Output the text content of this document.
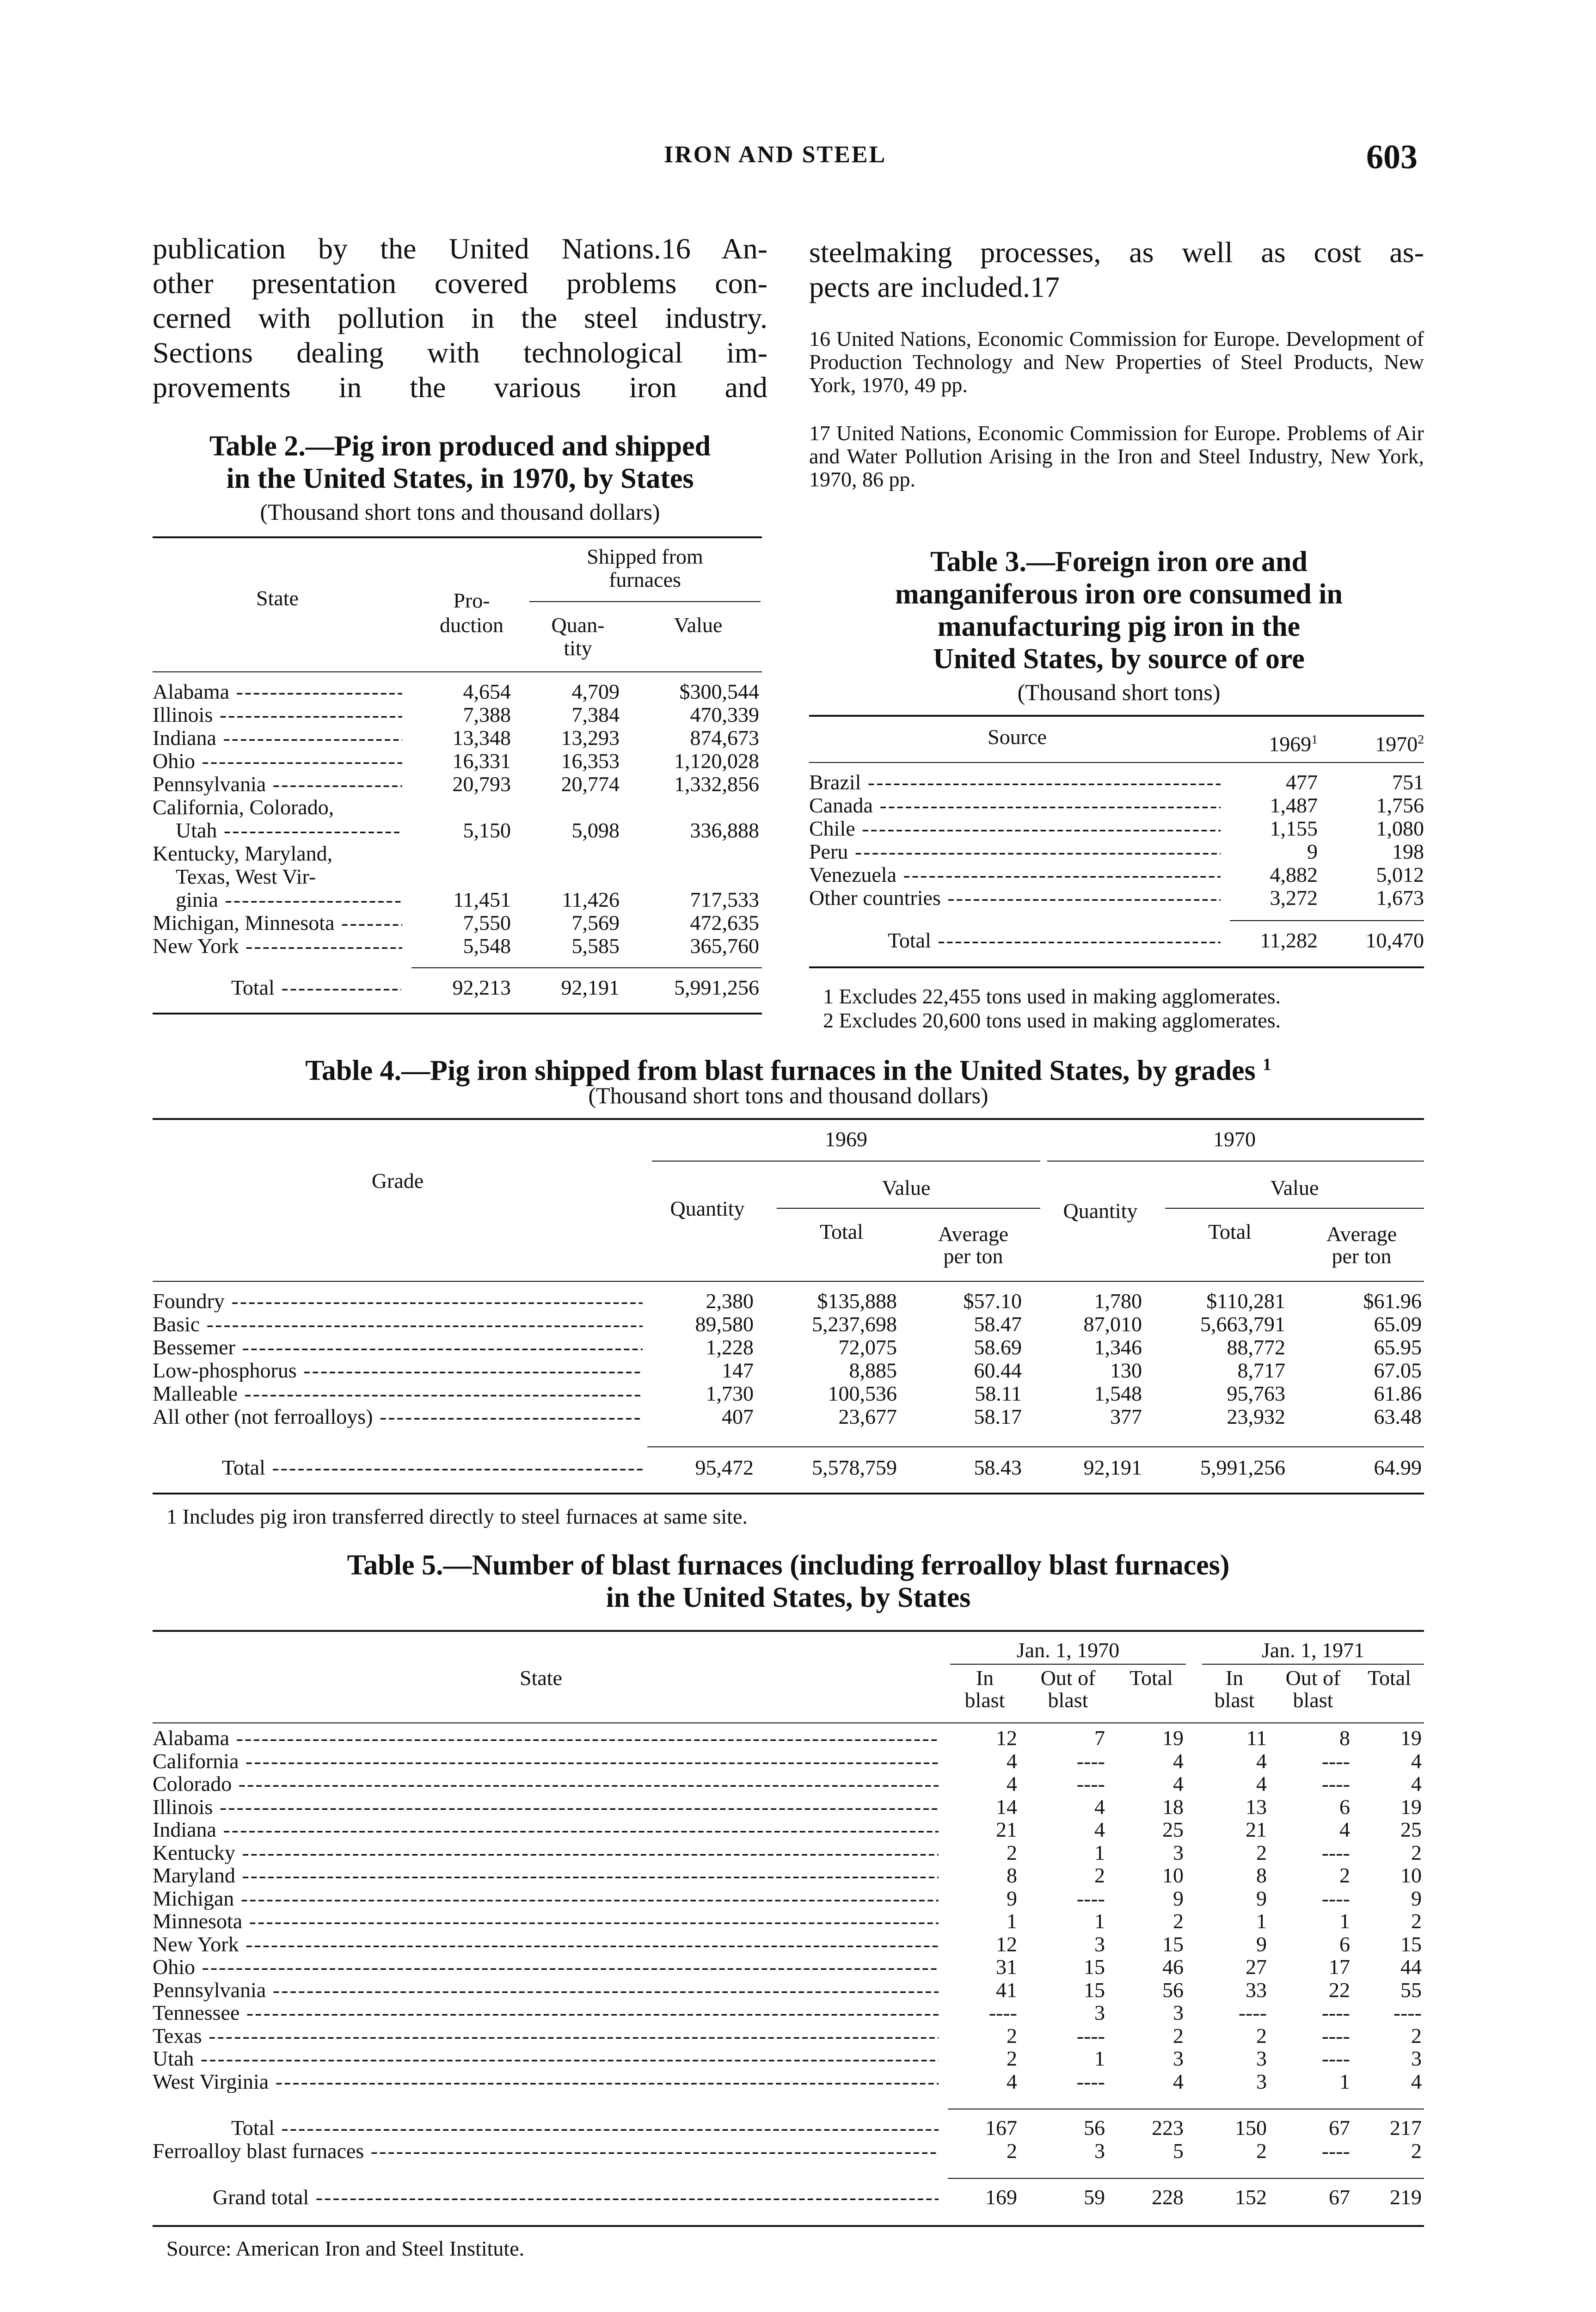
IRON AND STEEL	603
publication by the United Nations.16 An-
other presentation covered problems con-
cerned with pollution in the steel industry.
Sections dealing with technological im-
provements in the various iron and
steelmaking processes, as well as cost as-
pects are included.17
16 United Nations, Economic Commission for Europe. Development of Production Technology and New Properties of Steel Products, New York, 1970, 49 pp.
17 United Nations, Economic Commission for Europe. Problems of Air and Water Pollution Arising in the Iron and Steel Industry, New York, 1970, 86 pp.
Table 2.—Pig iron produced and shipped
in the United States, in 1970, by States
(Thousand short tons and thousand dollars)
State	Pro-
duction
Shipped from
furnaces
Quan-
tity
Value
Alabama -----	4,654	4,709	$300,544
Illinois -----	7,388	7,384	470,339
Indiana -----	13,348	13,293	874,673
Ohio -----	16,331	16,353	1,120,028
Pennsylvania -----	20,793	20,774	1,332,856
California, Colorado,
Utah -----	5,150	5,098	336,888
Kentucky, Maryland,
Texas, West Vir-
ginia -----	11,451	11,426	717,533
Michigan, Minnesota -----	7,550	7,569	472,635
New York -----	5,548	5,585	365,760
Total -----	92,213	92,191	5,991,256
Table 3.—Foreign iron ore and
manganiferous iron ore consumed in
manufacturing pig iron in the
United States, by source of ore
(Thousand short tons)
Source	1969$^1$	1970$^2$
Brazil -----	477	751
Canada -----	1,487	1,756
Chile -----	1,155	1,080
Peru -----	9	198
Venezuela -----	4,882	5,012
Other countries -----	3,272	1,673
Total -----	11,282	10,470
1 Excludes 22,455 tons used in making agglomerates.
2 Excludes 20,600 tons used in making agglomerates.
Table 4.—Pig iron shipped from blast furnaces in the United States, by grades $^1$
(Thousand short tons and thousand dollars)
Grade
1969	1970
Quantity
Value
Total	Average
per ton
Quantity
Value
Total	Average
per ton
Foundry -----	2,380	$135,888	$57.10	1,780	$110,281	$61.96
Basic -----	89,580	5,237,698	58.47	87,010	5,663,791	65.09
Bessemer -----	1,228	72,075	58.69	1,346	88,772	65.95
Low-phosphorus -----	147	8,885	60.44	130	8,717	67.05
Malleable -----	1,730	100,536	58.11	1,548	95,763	61.86
All other (not ferroalloys) -----	407	23,677	58.17	377	23,932	63.48
Total -----	95,472	5,578,759	58.43	92,191	5,991,256	64.99
1 Includes pig iron transferred directly to steel furnaces at same site.
Table 5.—Number of blast furnaces (including ferroalloy blast furnaces)
in the United States, by States
State
Jan. 1, 1970	Jan. 1, 1971
In
blast
Out of
blast
Total	In
blast
Out of
blast
Total
Alabama -----	12	7	19	11	8	19
California -----	4	----	4	4	----	4
Colorado -----	4	----	4	4	----	4
Illinois -----	14	4	18	13	6	19
Indiana -----	21	4	25	21	4	25
Kentucky -----	2	1	3	2	----	2
Maryland -----	8	2	10	8	2	10
Michigan -----	9	----	9	9	----	9
Minnesota -----	1	1	2	1	1	2
New York -----	12	3	15	9	6	15
Ohio -----	31	15	46	27	17	44
Pennsylvania -----	41	15	56	33	22	55
Tennessee -----	----	3	3	----	----	----
Texas -----	2	----	2	2	----	2
Utah -----	2	1	3	3	----	3
West Virginia -----	4	----	4	3	1	4
Total -----	167	56	223	150	67	217
Ferroalloy blast furnaces -----	2	3	5	2	----	2
Grand total -----	169	59	228	152	67	219
Source: American Iron and Steel Institute.
